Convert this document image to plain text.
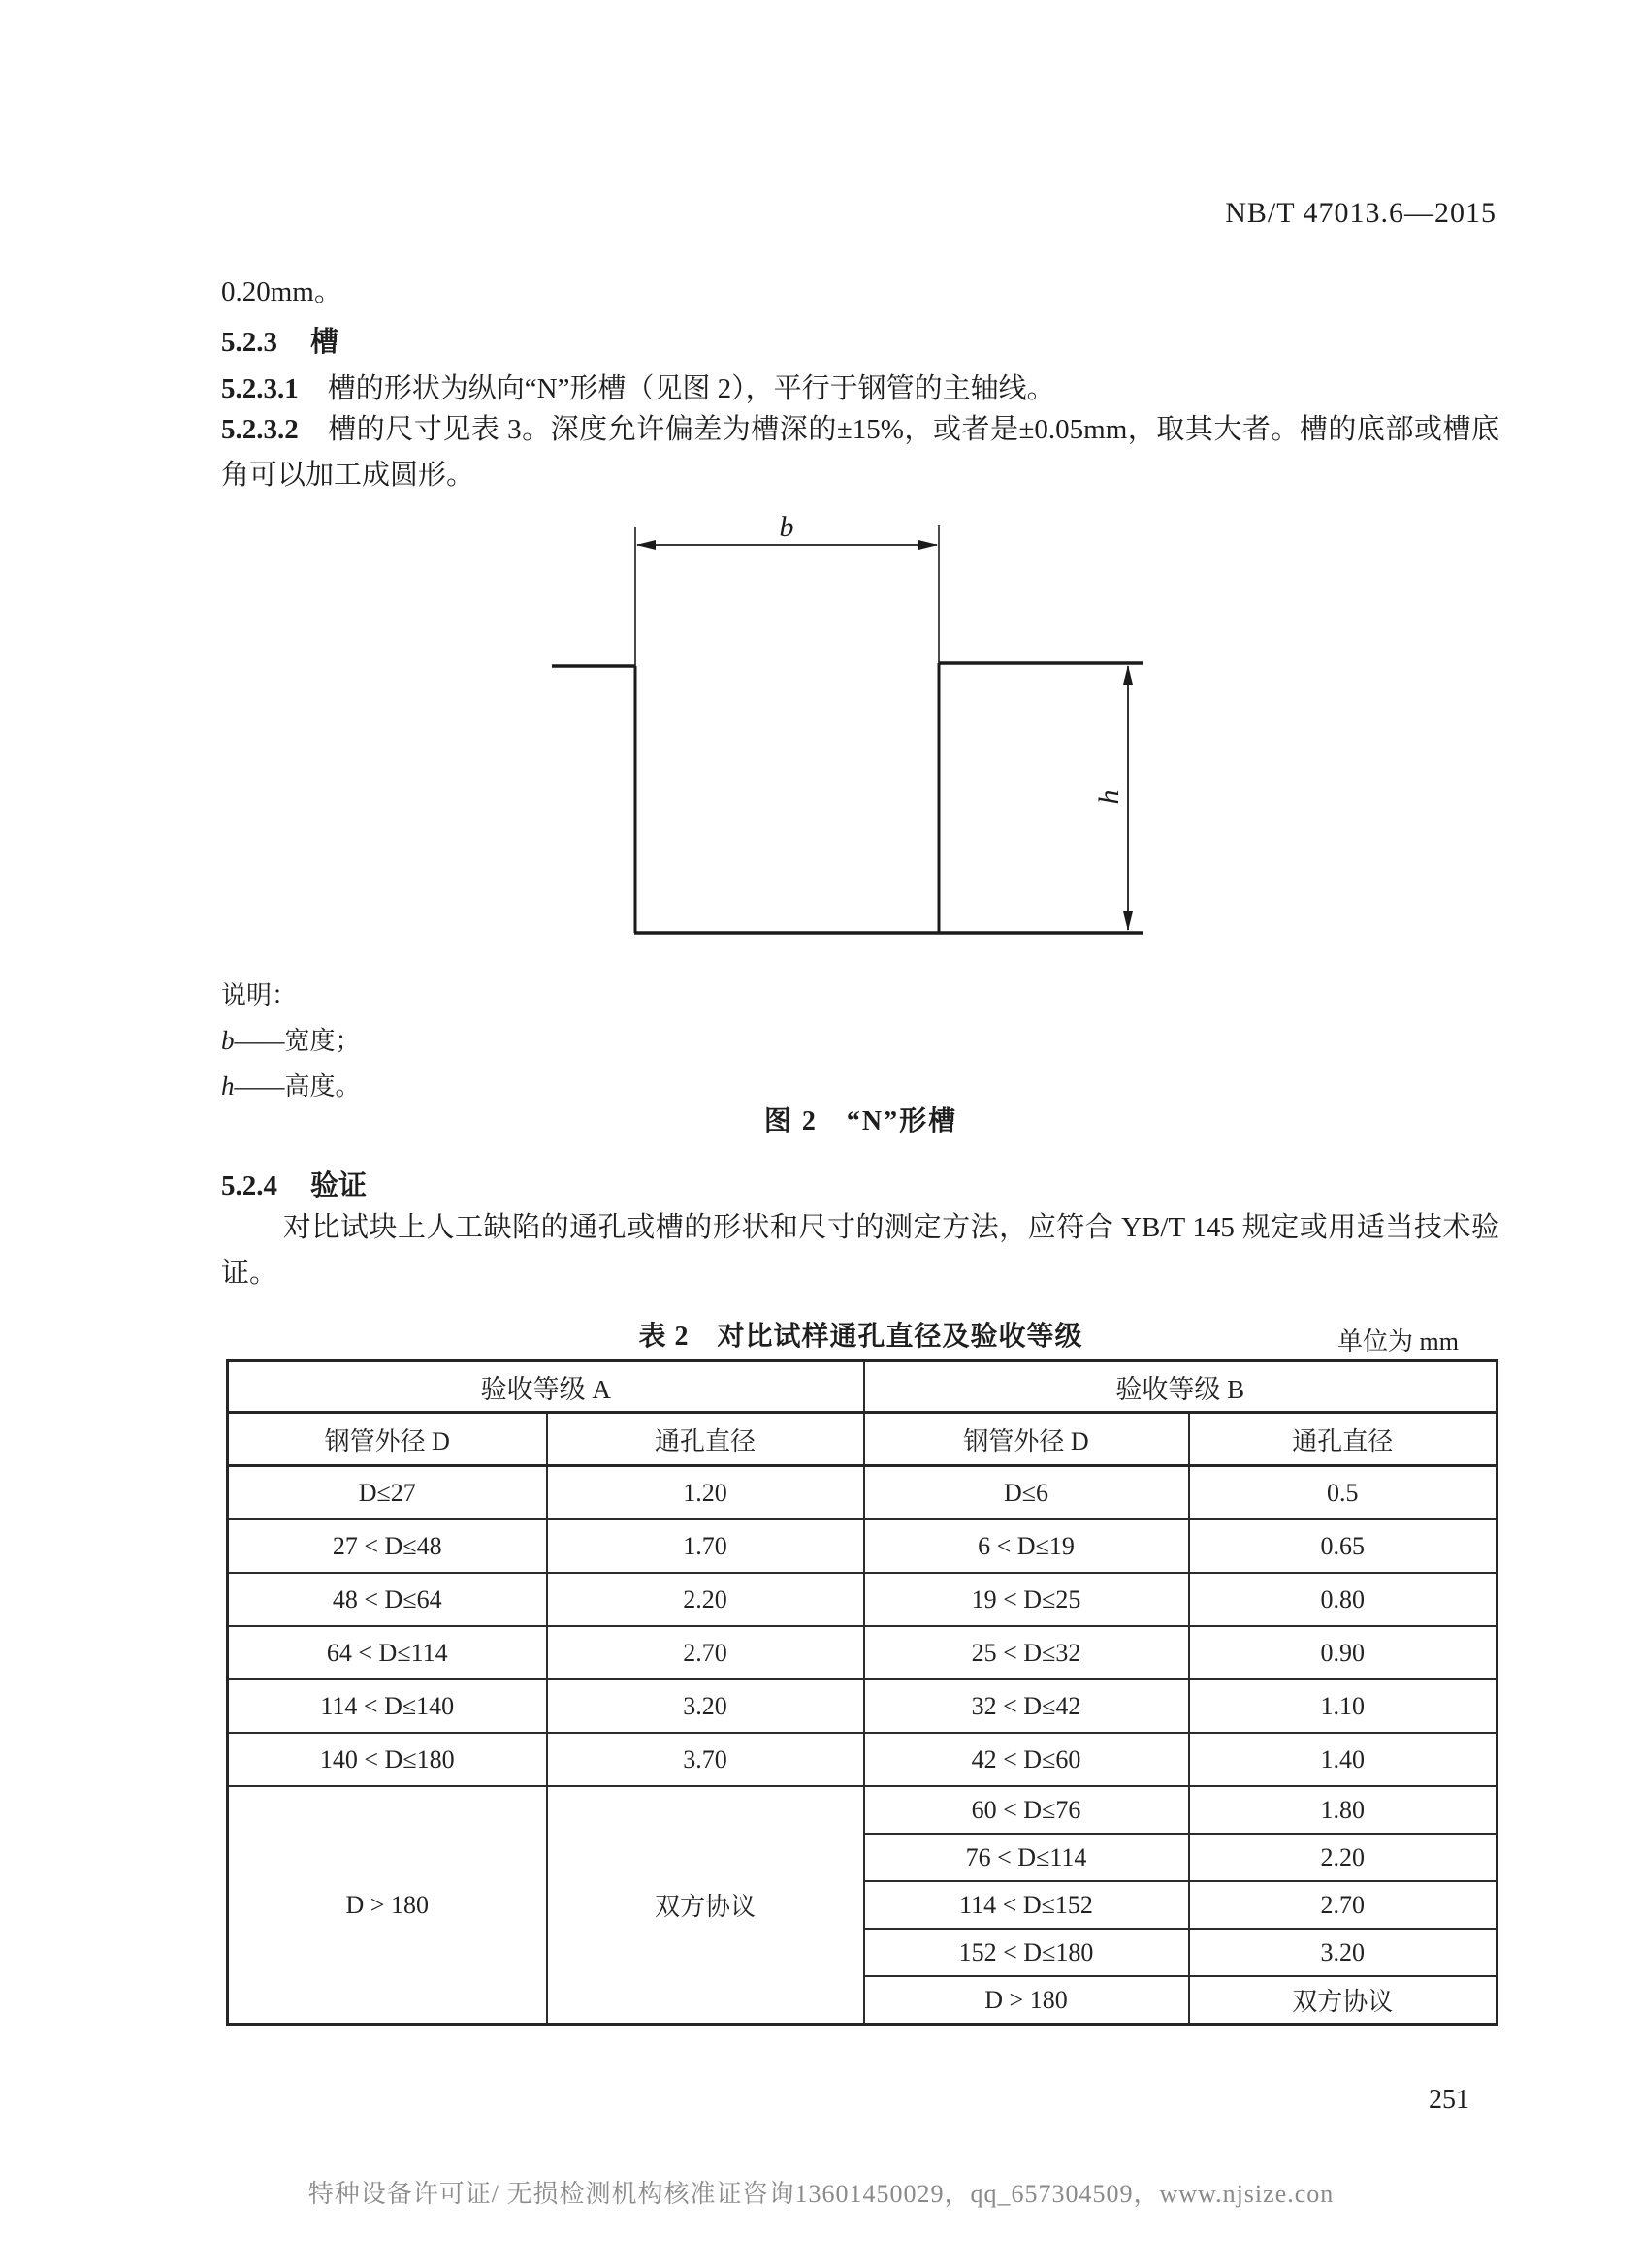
NB/T 47013.6—2015
0.20mm。
5.2.3 槽
5.2.3.1 槽的形状为纵向“N”形槽（见图 2），平行于钢管的主轴线。
5.2.3.2 槽的尺寸见表 3。深度允许偏差为槽深的±15%，或者是±0.05mm，取其大者。槽的底部或槽底角可以加工成圆形。
b
h
说明：
b——宽度；
h——高度。
图 2　“N”形槽
5.2.4 验证
对比试块上人工缺陷的通孔或槽的形状和尺寸的测定方法，应符合 YB/T 145 规定或用适当技术验证。
表 2　对比试样通孔直径及验收等级	单位为 mm
验收等级 A		验收等级 B	
钢管外径 D	通孔直径	钢管外径 D	通孔直径
D≤27	1.20	D≤6	0.5
27 < D≤48	1.70	6 < D≤19	0.65
48 < D≤64	2.20	19 < D≤25	0.80
64 < D≤114	2.70	25 < D≤32	0.90
114 < D≤140	3.20	32 < D≤42	1.10
140 < D≤180	3.70	42 < D≤60	1.40
D > 180	双方协议	60 < D≤76	1.80
		76 < D≤114	2.20
		114 < D≤152	2.70
		152 < D≤180	3.20
		D > 180	双方协议
251
特种设备许可证/ 无损检测机构核准证咨询13601450029，qq_657304509，www.njsize.con
